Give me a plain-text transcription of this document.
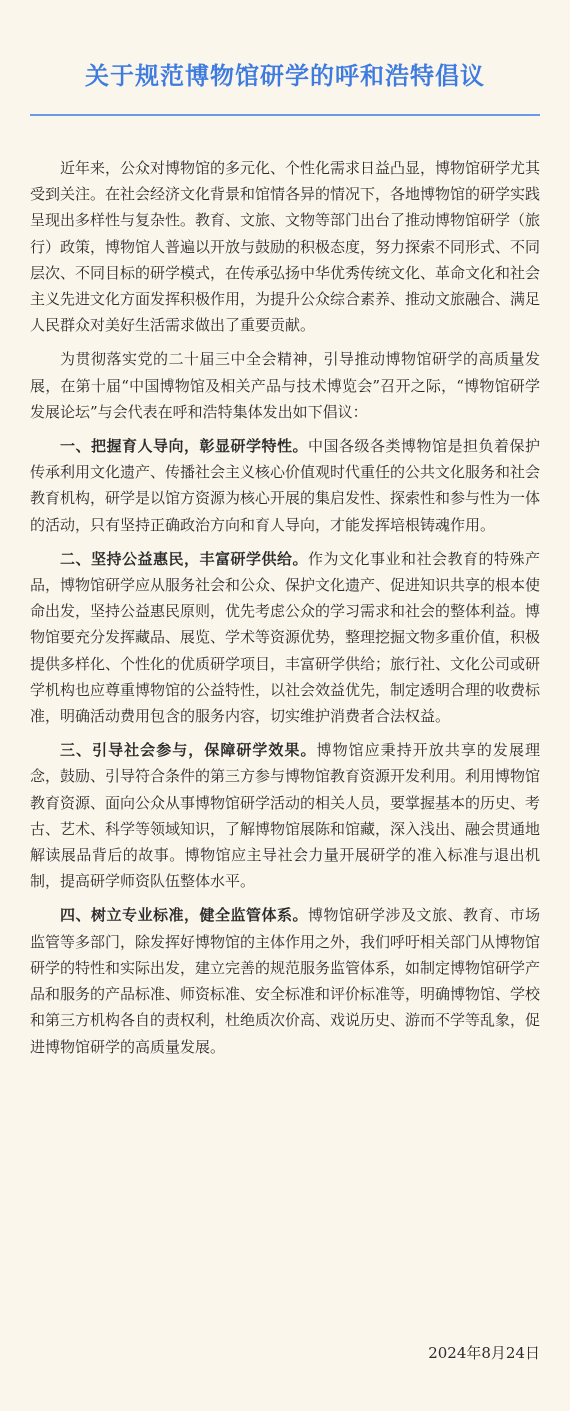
关于规范博物馆研学的呼和浩特倡议

近年来，公众对博物馆的多元化、个性化需求日益凸显，博物馆研学尤其受到关注。在社会经济文化背景和馆情各异的情况下，各地博物馆的研学实践呈现出多样性与复杂性。教育、文旅、文物等部门出台了推动博物馆研学（旅行）政策，博物馆人普遍以开放与鼓励的积极态度，努力探索不同形式、不同层次、不同目标的研学模式，在传承弘扬中华优秀传统文化、革命文化和社会主义先进文化方面发挥积极作用，为提升公众综合素养、推动文旅融合、满足人民群众对美好生活需求做出了重要贡献。

为贯彻落实党的二十届三中全会精神，引导推动博物馆研学的高质量发展，在第十届“中国博物馆及相关产品与技术博览会”召开之际，“博物馆研学发展论坛”与会代表在呼和浩特集体发出如下倡议：

一、把握育人导向，彰显研学特性。中国各级各类博物馆是担负着保护传承利用文化遗产、传播社会主义核心价值观时代重任的公共文化服务和社会教育机构，研学是以馆方资源为核心开展的集启发性、探索性和参与性为一体的活动，只有坚持正确政治方向和育人导向，才能发挥培根铸魂作用。

二、坚持公益惠民，丰富研学供给。作为文化事业和社会教育的特殊产品，博物馆研学应从服务社会和公众、保护文化遗产、促进知识共享的根本使命出发，坚持公益惠民原则，优先考虑公众的学习需求和社会的整体利益。博物馆要充分发挥藏品、展览、学术等资源优势，整理挖掘文物多重价值，积极提供多样化、个性化的优质研学项目，丰富研学供给；旅行社、文化公司或研学机构也应尊重博物馆的公益特性，以社会效益优先，制定透明合理的收费标准，明确活动费用包含的服务内容，切实维护消费者合法权益。

三、引导社会参与，保障研学效果。博物馆应秉持开放共享的发展理念，鼓励、引导符合条件的第三方参与博物馆教育资源开发利用。利用博物馆教育资源、面向公众从事博物馆研学活动的相关人员，要掌握基本的历史、考古、艺术、科学等领域知识，了解博物馆展陈和馆藏，深入浅出、融会贯通地解读展品背后的故事。博物馆应主导社会力量开展研学的准入标准与退出机制，提高研学师资队伍整体水平。

四、树立专业标准，健全监管体系。博物馆研学涉及文旅、教育、市场监管等多部门，除发挥好博物馆的主体作用之外，我们呼吁相关部门从博物馆研学的特性和实际出发，建立完善的规范服务监管体系，如制定博物馆研学产品和服务的产品标准、师资标准、安全标准和评价标准等，明确博物馆、学校和第三方机构各自的责权利，杜绝质次价高、戏说历史、游而不学等乱象，促进博物馆研学的高质量发展。

2024年8月24日
